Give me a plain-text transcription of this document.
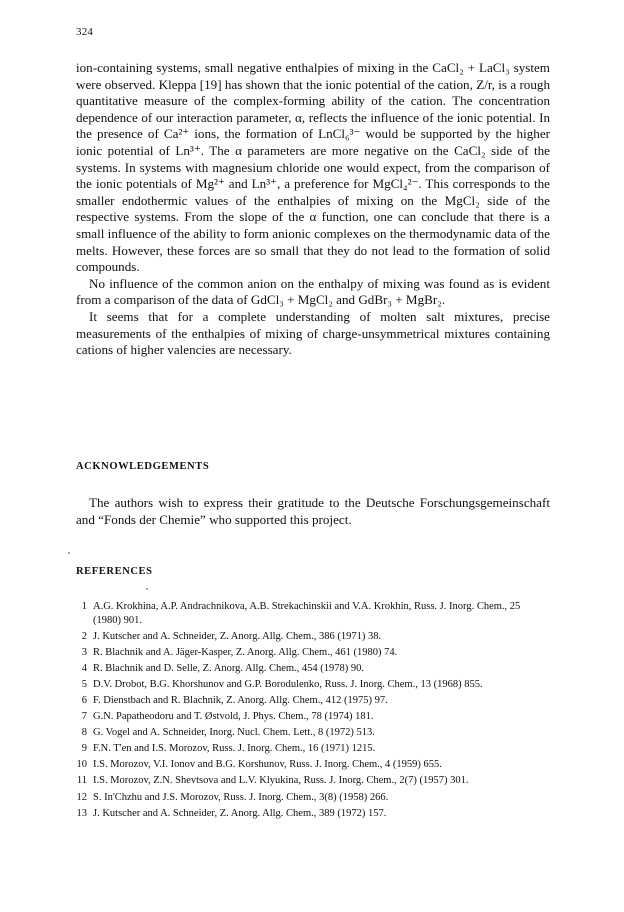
324

ion-containing systems, small negative enthalpies of mixing in the CaCl₂ + LaCl₃ system were observed. Kleppa [19] has shown that the ionic potential of the cation, Z/r, is a rough quantitative measure of the complex-forming ability of the cation. The concentration dependence of our interaction parameter, α, reflects the influence of the ionic potential. In the presence of Ca²⁺ ions, the formation of LnCl₆³⁻ would be supported by the higher ionic potential of Ln³⁺. The α parameters are more negative on the CaCl₂ side of the systems. In systems with magnesium chloride one would expect, from the comparison of the ionic potentials of Mg²⁺ and Ln³⁺, a preference for MgCl₄²⁻. This corresponds to the smaller endothermic values of the enthalpies of mixing on the MgCl₂ side of the respective systems. From the slope of the α function, one can conclude that there is a small influence of the ability to form anionic complexes on the thermodynamic data of the melts. However, these forces are so small that they do not lead to the formation of solid compounds.

No influence of the common anion on the enthalpy of mixing was found as is evident from a comparison of the data of GdCl₃ + MgCl₂ and GdBr₃ + MgBr₂.

It seems that for a complete understanding of molten salt mixtures, precise measurements of the enthalpies of mixing of charge-unsymmetrical mixtures containing cations of higher valencies are necessary.

ACKNOWLEDGEMENTS

The authors wish to express their gratitude to the Deutsche Forschungsgemeinschaft and “Fonds der Chemie” who supported this project.

REFERENCES
1 A.G. Krokhina, A.P. Andrachnikova, A.B. Strekachinskii and V.A. Krokhin, Russ. J. Inorg. Chem., 25 (1980) 901.
2 J. Kutscher and A. Schneider, Z. Anorg. Allg. Chem., 386 (1971) 38.
3 R. Blachnik and A. Jäger-Kasper, Z. Anorg. Allg. Chem., 461 (1980) 74.
4 R. Blachnik and D. Selle, Z. Anorg. Allg. Chem., 454 (1978) 90.
5 D.V. Drobot, B.G. Khorshunov and G.P. Borodulenko, Russ. J. Inorg. Chem., 13 (1968) 855.
6 F. Dienstbach and R. Blachnik, Z. Anorg. Allg. Chem., 412 (1975) 97.
7 G.N. Papatheodoru and T. Østvold, J. Phys. Chem., 78 (1974) 181.
8 G. Vogel and A. Schneider, Inorg. Nucl. Chem. Lett., 8 (1972) 513.
9 F.N. T'en and I.S. Morozov, Russ. J. Inorg. Chem., 16 (1971) 1215.
10 I.S. Morozov, V.I. Ionov and B.G. Korshunov, Russ. J. Inorg. Chem., 4 (1959) 655.
11 I.S. Morozov, Z.N. Shevtsova and L.V. Klyukina, Russ. J. Inorg. Chem., 2(7) (1957) 301.
12 S. In'Chzhu and J.S. Morozov, Russ. J. Inorg. Chem., 3(8) (1958) 266.
13 J. Kutscher and A. Schneider, Z. Anorg. Allg. Chem., 389 (1972) 157.
